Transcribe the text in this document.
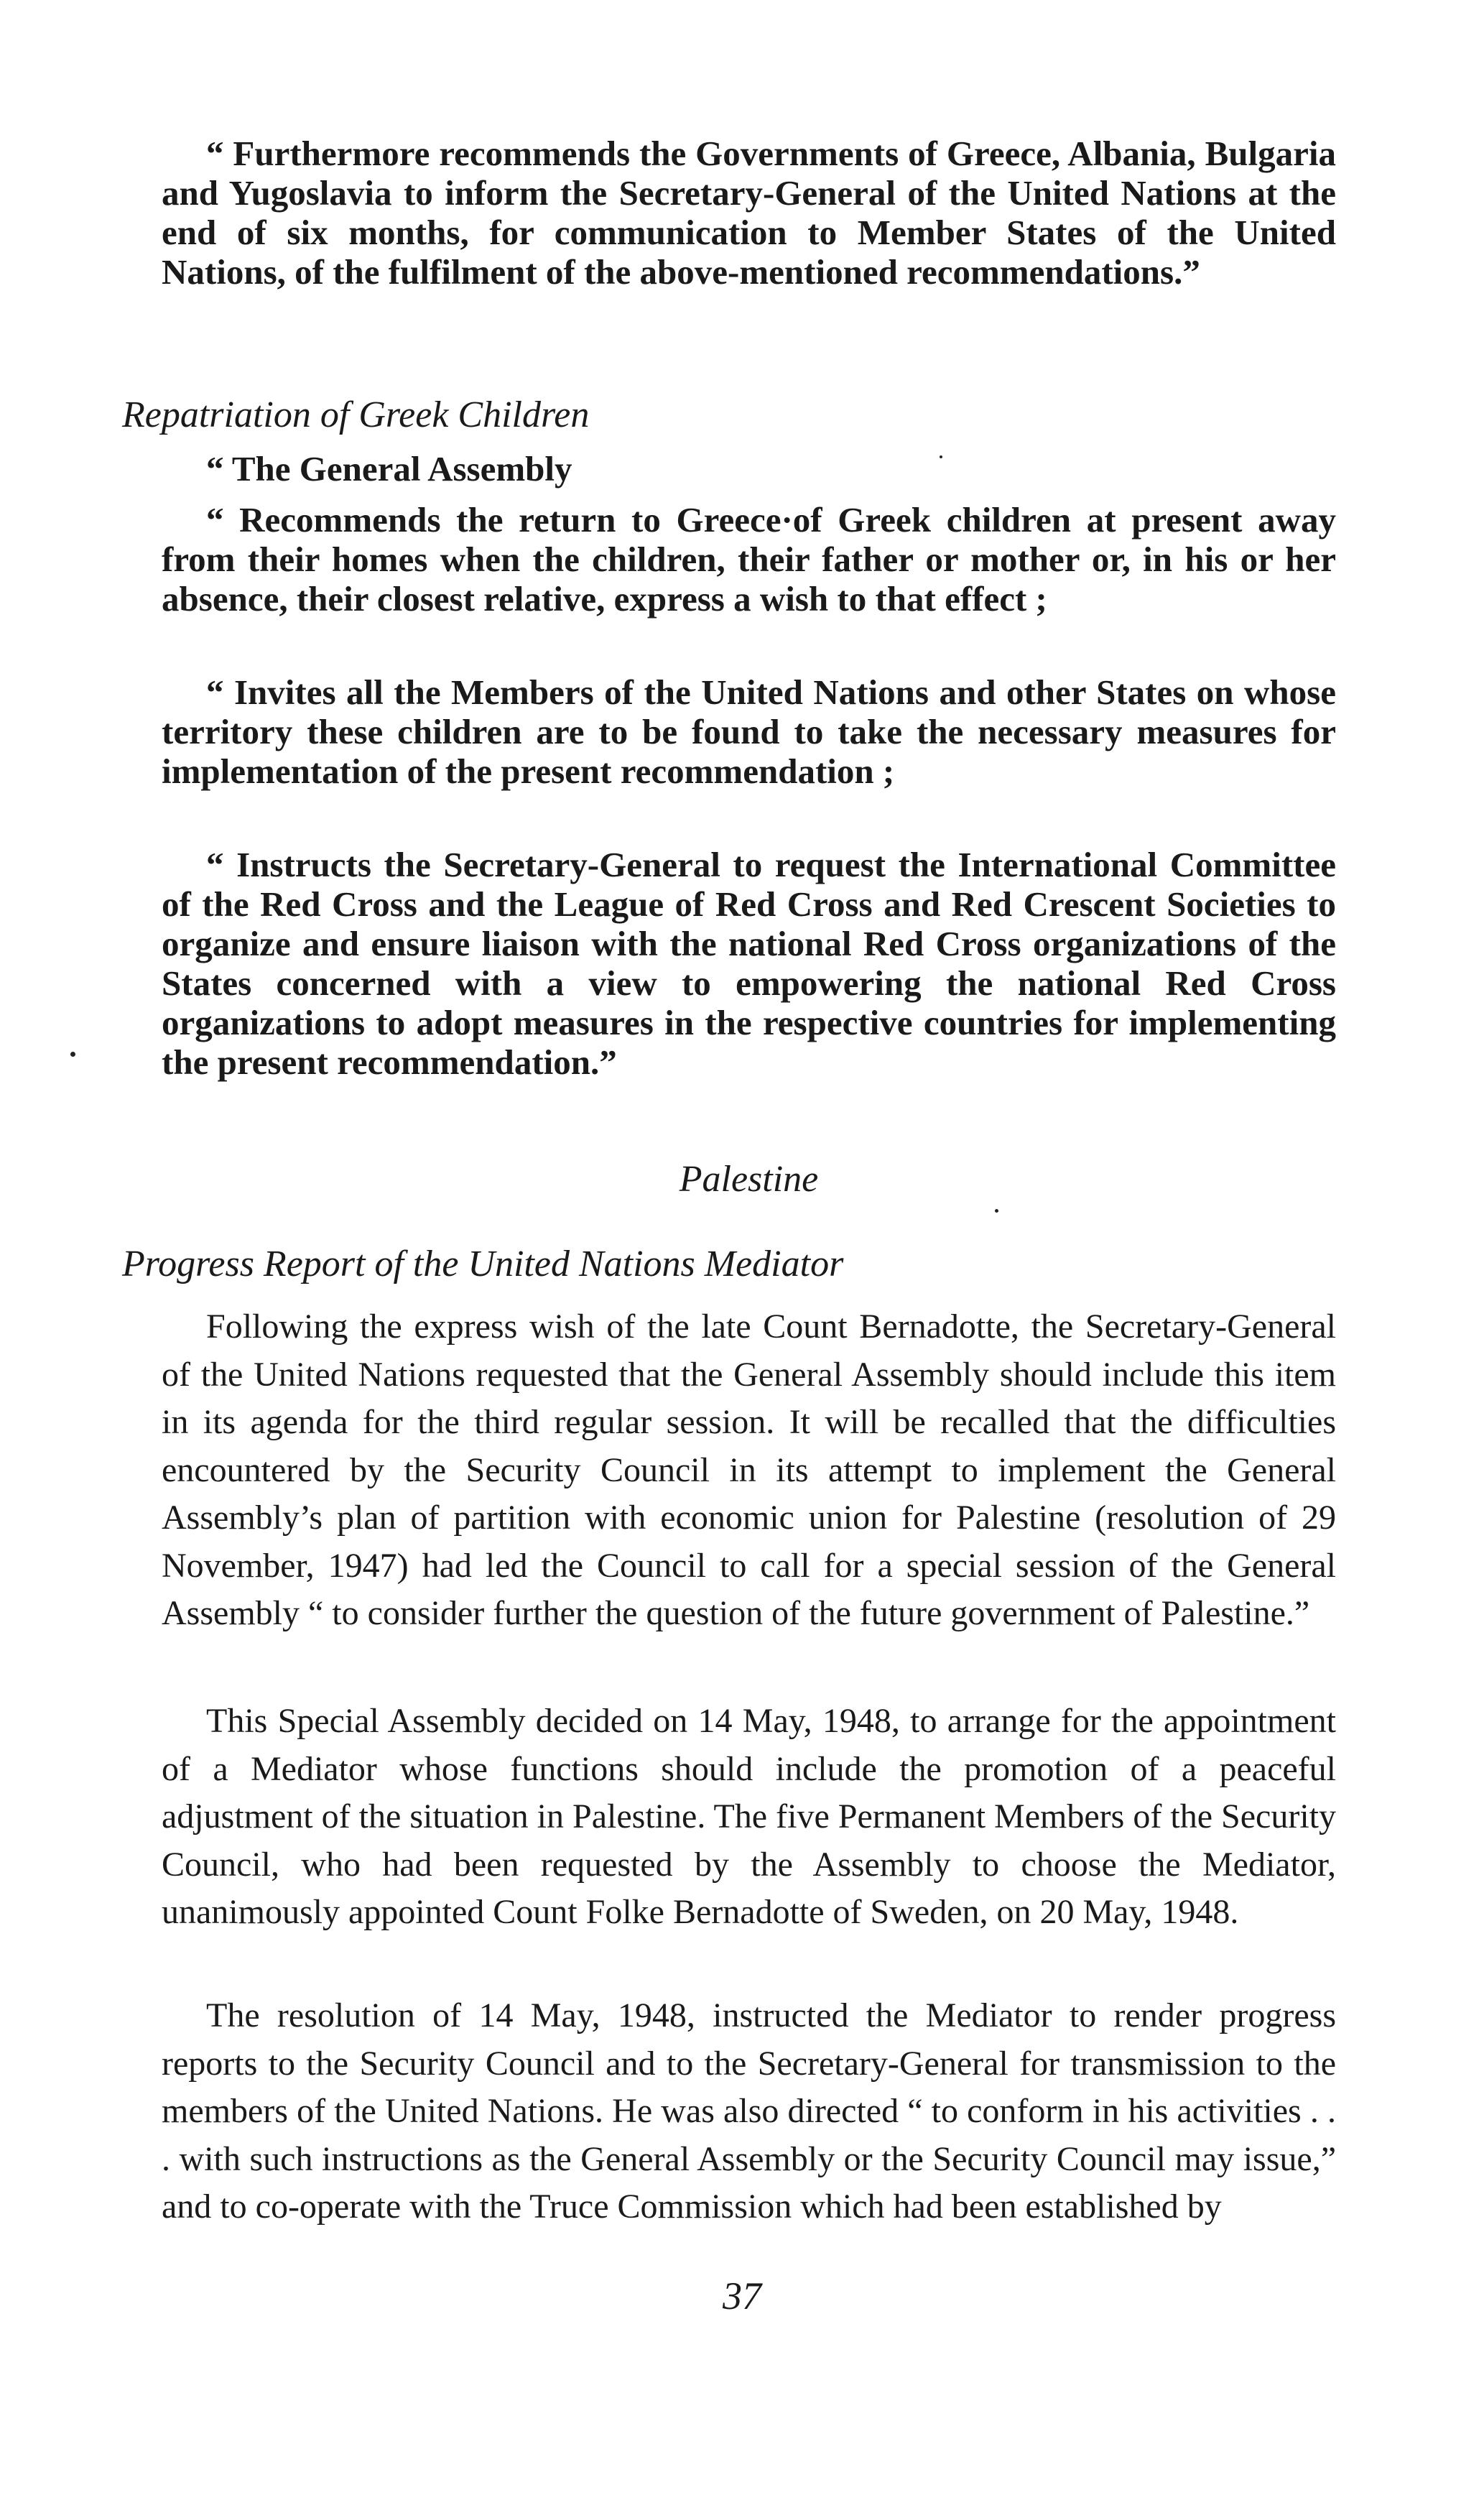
“ Furthermore recommends the Governments of Greece, Albania, Bulgaria and Yugoslavia to inform the Secretary-General of the United Nations at the end of six months, for communication to Member States of the United Nations, of the fulfilment of the above-mentioned recommendations.”

Repatriation of Greek Children

“ The General Assembly

“ Recommends the return to Greece·of Greek children at present away from their homes when the children, their father or mother or, in his or her absence, their closest relative, express a wish to that effect ;

“ Invites all the Members of the United Nations and other States on whose territory these children are to be found to take the necessary measures for implementation of the present recommendation ;

“ Instructs the Secretary-General to request the International Committee of the Red Cross and the League of Red Cross and Red Crescent Societies to organize and ensure liaison with the national Red Cross organizations of the States concerned with a view to empowering the national Red Cross organizations to adopt measures in the respective countries for implementing the present recommendation.”

Palestine

Progress Report of the United Nations Mediator

Following the express wish of the late Count Bernadotte, the Secretary-General of the United Nations requested that the General Assembly should include this item in its agenda for the third regular session. It will be recalled that the difficulties encountered by the Security Council in its attempt to implement the General Assembly’s plan of partition with economic union for Palestine (resolution of 29 November, 1947) had led the Council to call for a special session of the General Assembly “ to consider further the question of the future government of Palestine.”

This Special Assembly decided on 14 May, 1948, to arrange for the appointment of a Mediator whose functions should include the promotion of a peaceful adjustment of the situation in Palestine. The five Permanent Members of the Security Council, who had been requested by the Assembly to choose the Mediator, unanimously appointed Count Folke Bernadotte of Sweden, on 20 May, 1948.

The resolution of 14 May, 1948, instructed the Mediator to render progress reports to the Security Council and to the Secretary-General for transmission to the members of the United Nations. He was also directed “ to conform in his activities . . . with such instructions as the General Assembly or the Security Council may issue,” and to co-operate with the Truce Commission which had been established by

37
